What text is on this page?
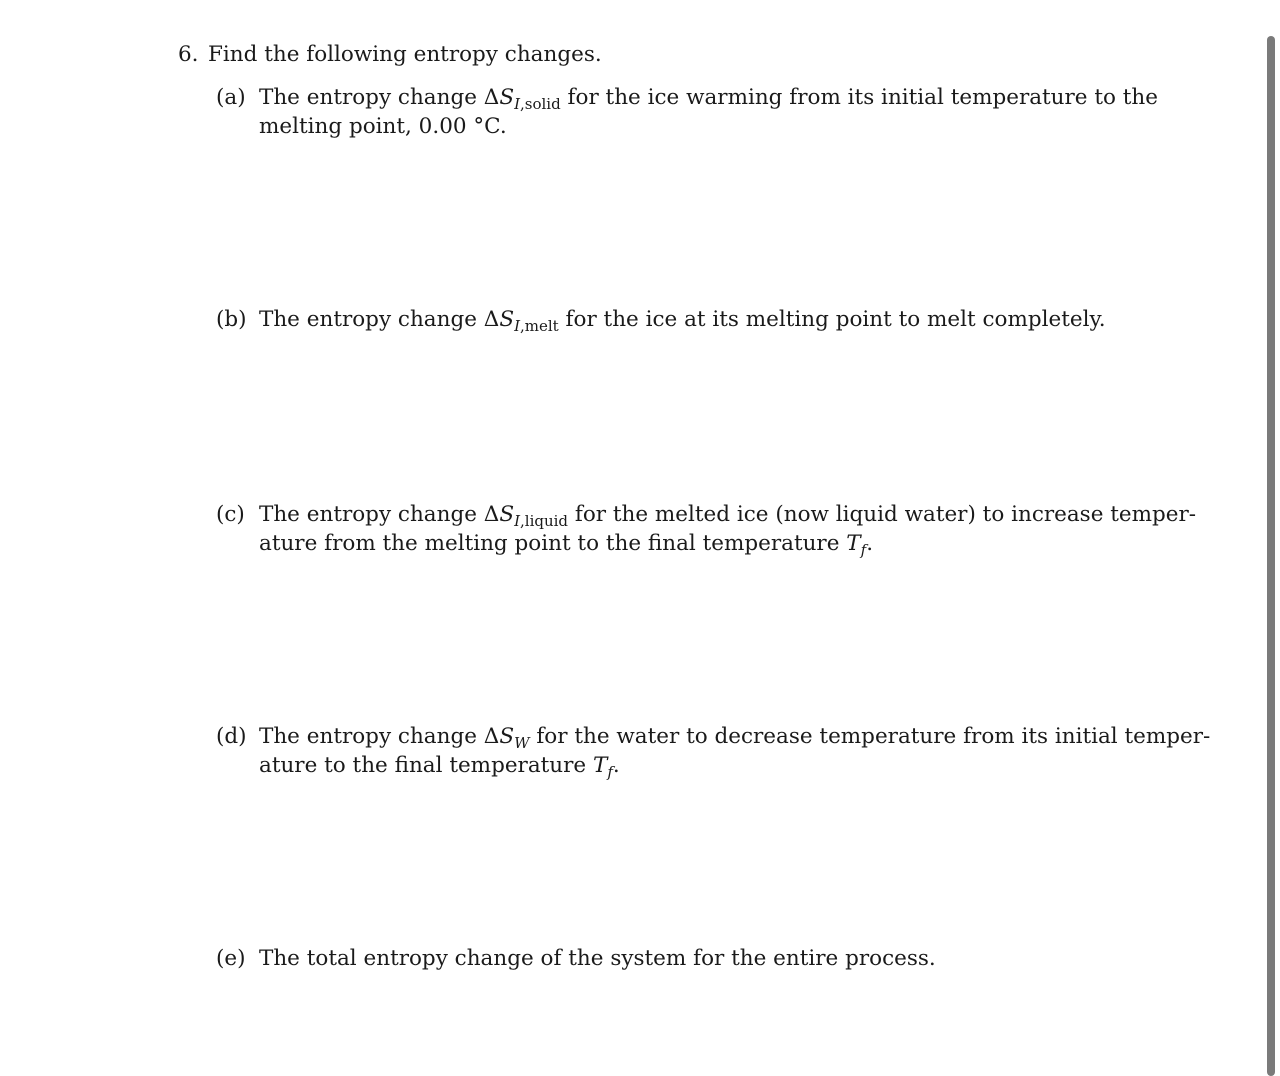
6. Find the following entropy changes.
(a) The entropy change $\Delta S_{I,solid}$ for the ice warming from its initial temperature to the
melting point, 0.00 °C.
(b) The entropy change $\Delta S_{I,melt}$ for the ice at its melting point to melt completely.
(c) The entropy change $\Delta S_{I,liquid}$ for the melted ice (now liquid water) to increase temper-
ature from the melting point to the final temperature $T_f$.
(d) The entropy change $\Delta S_W$ for the water to decrease temperature from its initial temper-
ature to the final temperature $T_f$.
(e) The total entropy change of the system for the entire process.
